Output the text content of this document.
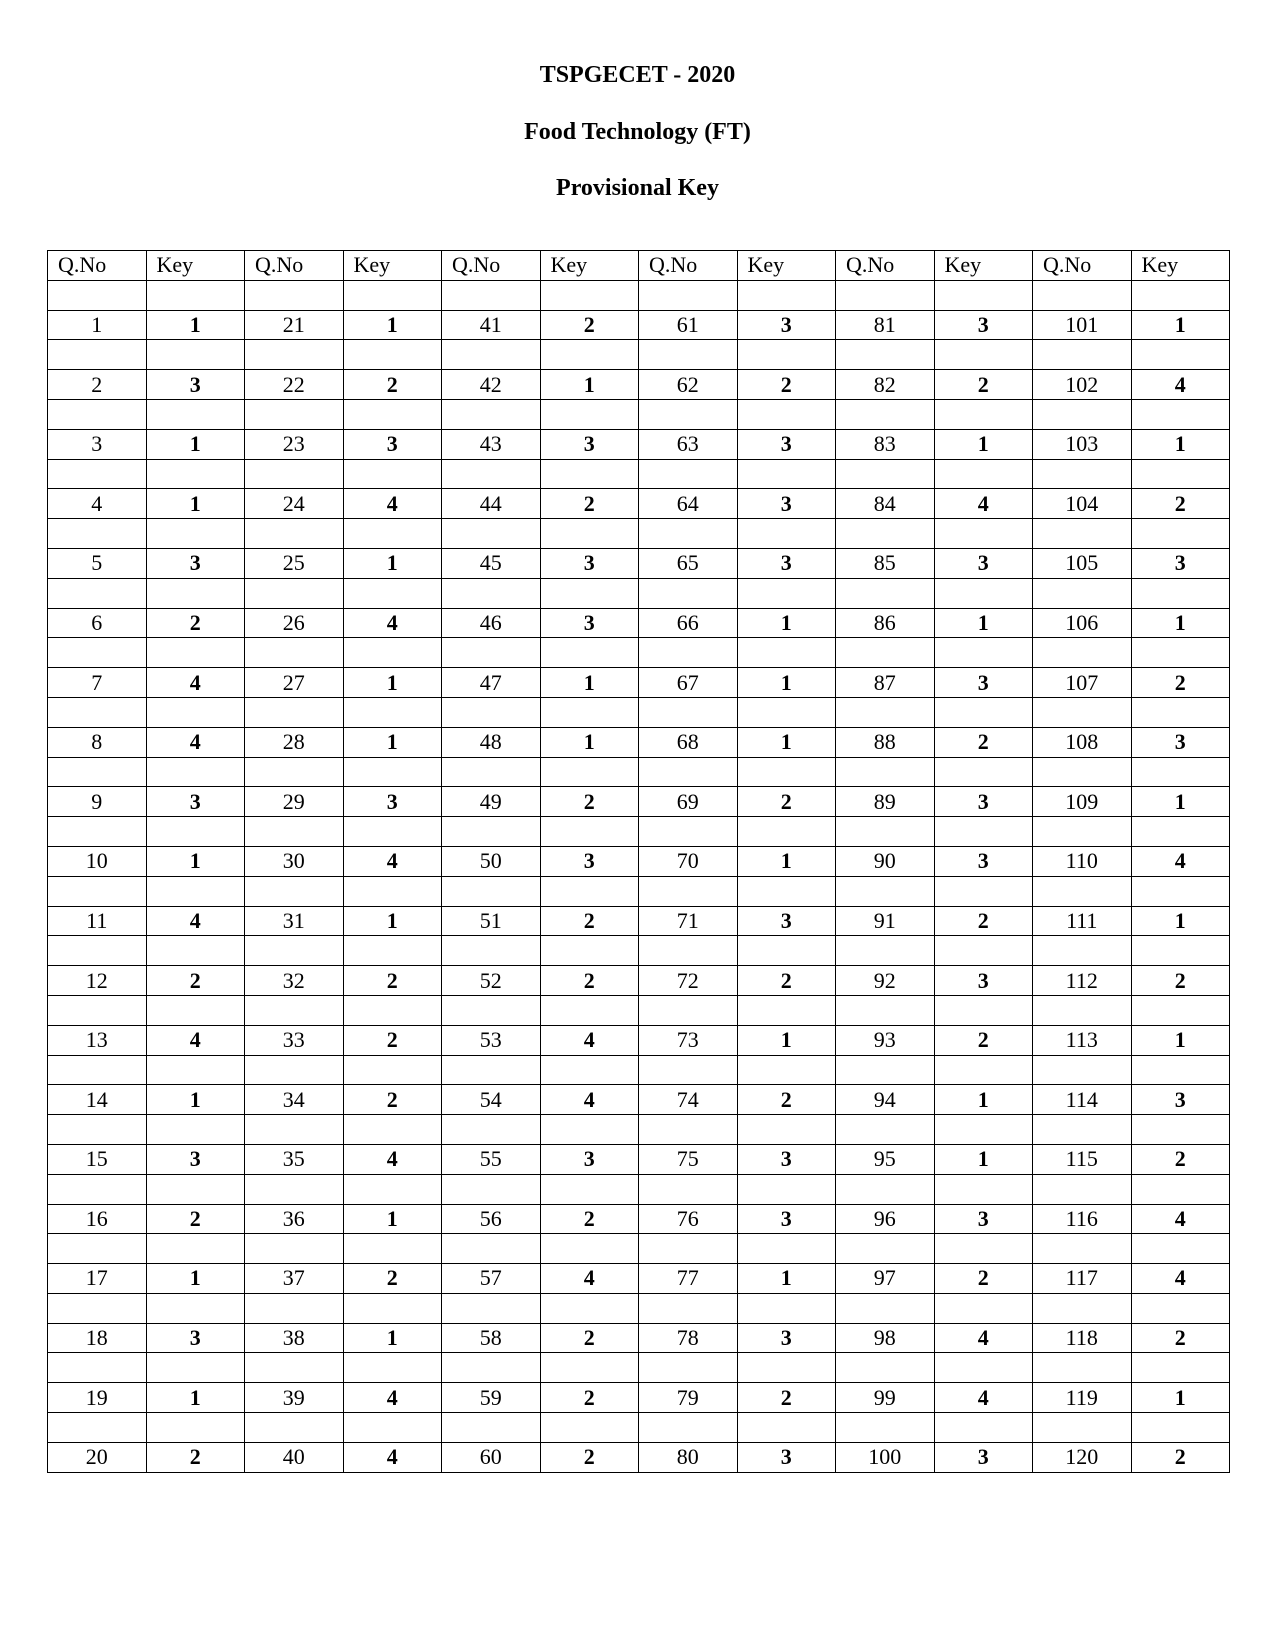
TSPGECET - 2020
Food Technology (FT)
Provisional Key
Q.No	Key	Q.No	Key	Q.No	Key	Q.No	Key	Q.No	Key	Q.No	Key

1	1	21	1	41	2	61	3	81	3	101	1

2	3	22	2	42	1	62	2	82	2	102	4

3	1	23	3	43	3	63	3	83	1	103	1

4	1	24	4	44	2	64	3	84	4	104	2

5	3	25	1	45	3	65	3	85	3	105	3

6	2	26	4	46	3	66	1	86	1	106	1

7	4	27	1	47	1	67	1	87	3	107	2

8	4	28	1	48	1	68	1	88	2	108	3

9	3	29	3	49	2	69	2	89	3	109	1

10	1	30	4	50	3	70	1	90	3	110	4

11	4	31	1	51	2	71	3	91	2	111	1

12	2	32	2	52	2	72	2	92	3	112	2

13	4	33	2	53	4	73	1	93	2	113	1

14	1	34	2	54	4	74	2	94	1	114	3

15	3	35	4	55	3	75	3	95	1	115	2

16	2	36	1	56	2	76	3	96	3	116	4

17	1	37	2	57	4	77	1	97	2	117	4

18	3	38	1	58	2	78	3	98	4	118	2

19	1	39	4	59	2	79	2	99	4	119	1

20	2	40	4	60	2	80	3	100	3	120	2
